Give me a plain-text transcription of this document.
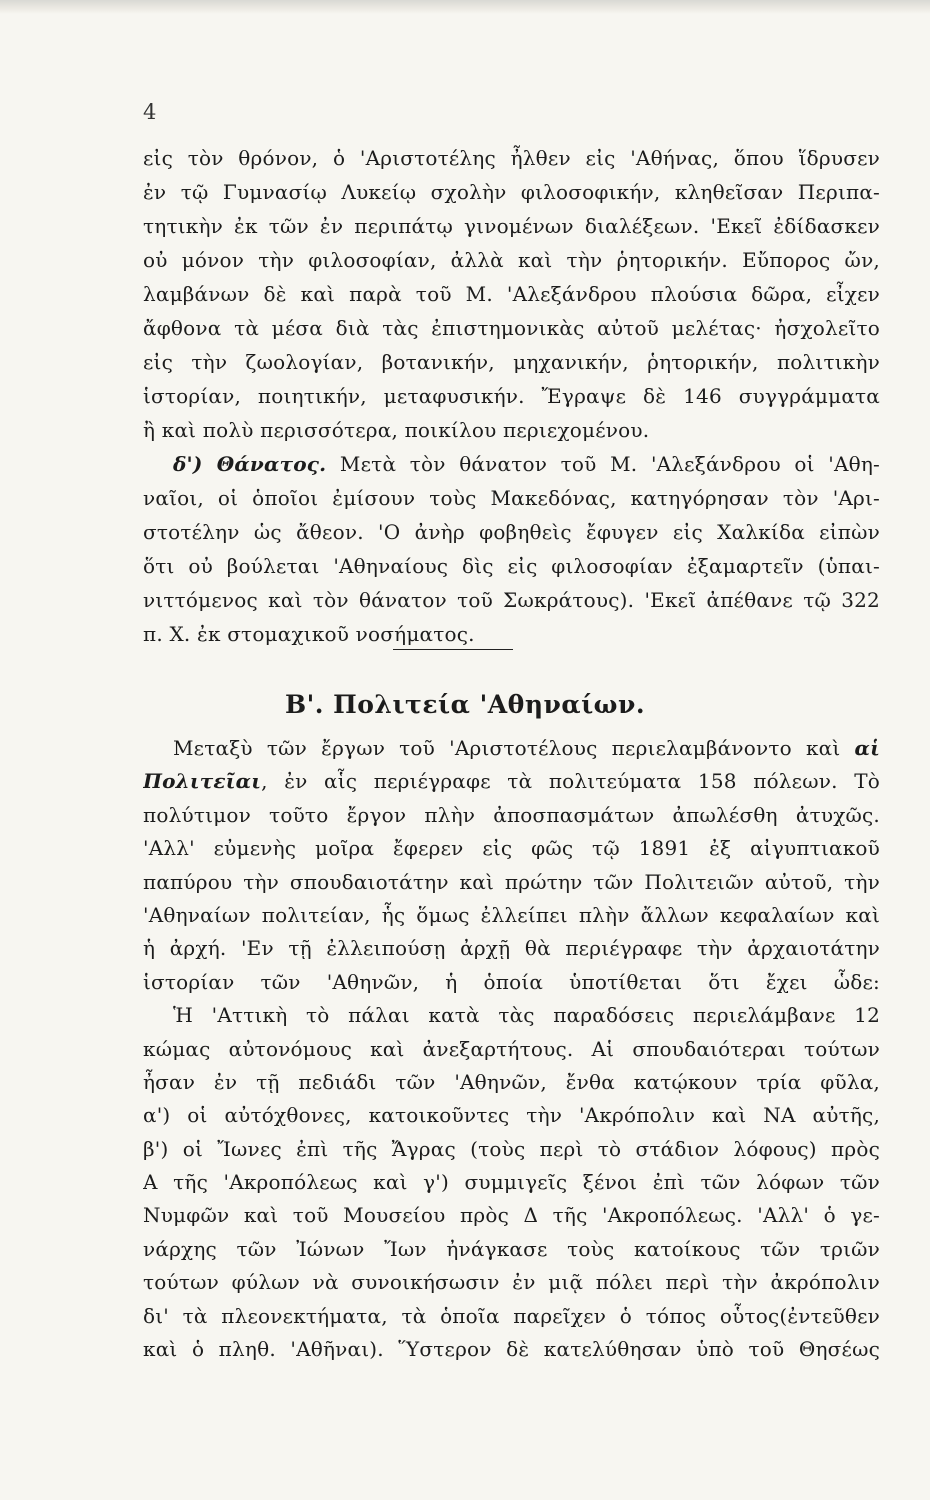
4
εἰς τὸν θρόνον, ὁ 'Αριστοτέλης ἦλθεν εἰς 'Αθήνας, ὅπου ἵδρυσεν
ἐν τῷ Γυμνασίῳ Λυκείῳ σχολὴν φιλοσοφικήν, κληθεῖσαν Περιπα-
τητικὴν ἐκ τῶν ἐν περιπάτῳ γινομένων διαλέξεων. 'Εκεῖ ἐδίδασκεν
οὐ μόνον τὴν φιλοσοφίαν, ἀλλὰ καὶ τὴν ῥητορικήν. Εὔπορος ὤν,
λαμβάνων δὲ καὶ παρὰ τοῦ Μ. 'Αλεξάνδρου πλούσια δῶρα, εἶχεν
ἄφθονα τὰ μέσα διὰ τὰς ἐπιστημονικὰς αὐτοῦ μελέτας· ἠσχολεῖτο
εἰς τὴν ζωολογίαν, βοτανικήν, μηχανικήν, ῥητορικήν, πολιτικὴν
ἱστορίαν, ποιητικήν, μεταφυσικήν. Ἔγραψε δὲ 146 συγγράμματα
ἢ καὶ πολὺ περισσότερα, ποικίλου περιεχομένου.
δ') Θάνατος. Μετὰ τὸν θάνατον τοῦ Μ. 'Αλεξάνδρου οἱ 'Αθη-
ναῖοι, οἱ ὁποῖοι ἐμίσουν τοὺς Μακεδόνας, κατηγόρησαν τὸν 'Αρι-
στοτέλην ὡς ἄθεον. 'Ο ἀνὴρ φοβηθεὶς ἔφυγεν εἰς Χαλκίδα εἰπὼν
ὅτι οὐ βούλεται 'Αθηναίους δὶς εἰς φιλοσοφίαν ἐξαμαρτεῖν (ὑπαι-
νιττόμενος καὶ τὸν θάνατον τοῦ Σωκράτους). 'Εκεῖ ἀπέθανε τῷ 322
π. Χ. ἐκ στομαχικοῦ νοσήματος.
Β'. Πολιτεία 'Αθηναίων.
Μεταξὺ τῶν ἔργων τοῦ 'Αριστοτέλους περιελαμβάνοντο καὶ αἱ
Πολιτεῖαι, ἐν αἷς περιέγραφε τὰ πολιτεύματα 158 πόλεων. Τὸ
πολύτιμον τοῦτο ἔργον πλὴν ἀποσπασμάτων ἀπωλέσθη ἀτυχῶς.
'Αλλ' εὐμενὴς μοῖρα ἔφερεν εἰς φῶς τῷ 1891 ἐξ αἰγυπτιακοῦ
παπύρου τὴν σπουδαιοτάτην καὶ πρώτην τῶν Πολιτειῶν αὐτοῦ, τὴν
'Αθηναίων πολιτείαν, ἧς ὅμως ἐλλείπει πλὴν ἄλλων κεφαλαίων καὶ
ἡ ἀρχή. 'Εν τῇ ἐλλειπούσῃ ἀρχῇ θὰ περιέγραφε τὴν ἀρχαιοτάτην
ἱστορίαν τῶν 'Αθηνῶν, ἡ ὁποία ὑποτίθεται ὅτι ἔχει ὧδε:
Ἡ 'Αττικὴ τὸ πάλαι κατὰ τὰς παραδόσεις περιελάμβανε 12
κώμας αὐτονόμους καὶ ἀνεξαρτήτους. Αἱ σπουδαιότεραι τούτων
ἦσαν ἐν τῇ πεδιάδι τῶν 'Αθηνῶν, ἔνθα κατῴκουν τρία φῦλα,
α') οἱ αὐτόχθονες, κατοικοῦντες τὴν 'Ακρόπολιν καὶ ΝΑ αὐτῆς,
β') οἱ Ἴωνες ἐπὶ τῆς Ἄγρας (τοὺς περὶ τὸ στάδιον λόφους) πρὸς
Α τῆς 'Ακροπόλεως καὶ γ') συμμιγεῖς ξένοι ἐπὶ τῶν λόφων τῶν
Νυμφῶν καὶ τοῦ Μουσείου πρὸς Δ τῆς 'Ακροπόλεως. 'Αλλ' ὁ γε-
νάρχης τῶν Ἰώνων Ἴων ἠνάγκασε τοὺς κατοίκους τῶν τριῶν
τούτων φύλων νὰ συνοικήσωσιν ἐν μιᾷ πόλει περὶ τὴν ἀκρόπολιν
δι' τὰ πλεονεκτήματα, τὰ ὁποῖα παρεῖχεν ὁ τόπος οὗτος(ἐντεῦθεν
καὶ ὁ πληθ. 'Αθῆναι). Ὕστερον δὲ κατελύθησαν ὑπὸ τοῦ Θησέως
